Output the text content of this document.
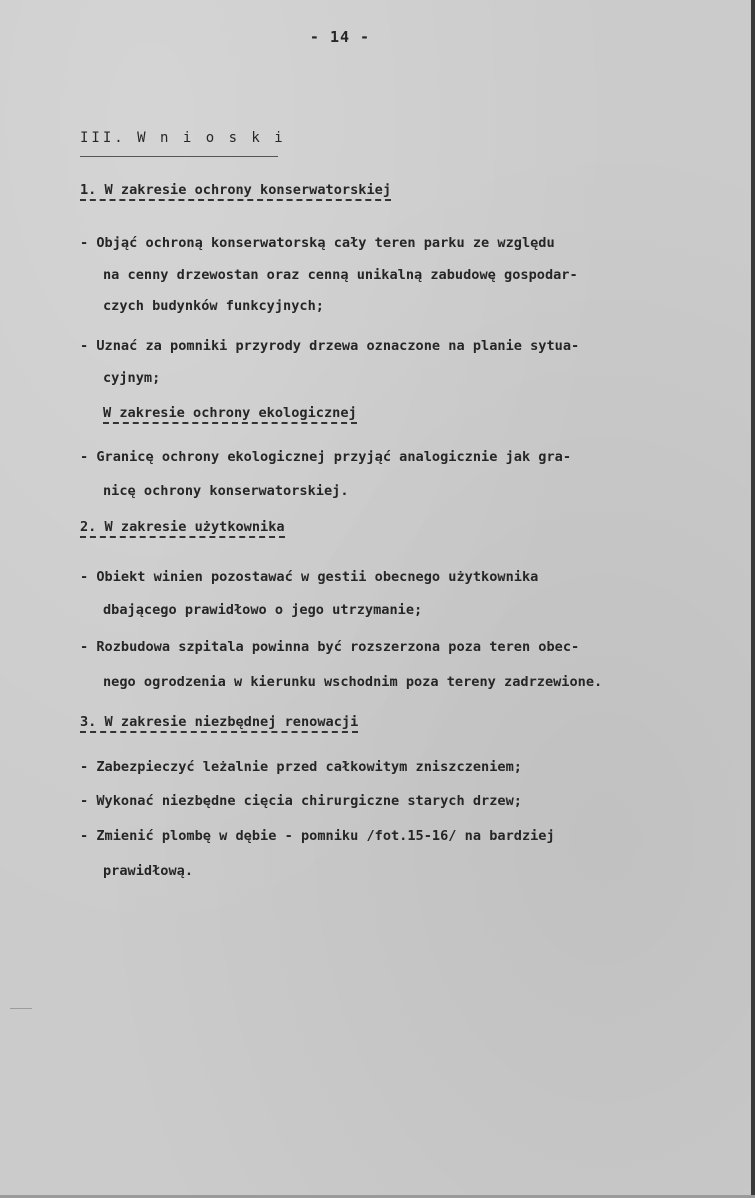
- 14 -
III. W n i o s k i
1. W zakresie ochrony konserwatorskiej
- Objąć ochroną konserwatorską cały teren parku ze względu
na cenny drzewostan oraz cenną unikalną zabudowę gospodar-
czych budynków funkcyjnych;
- Uznać za pomniki przyrody drzewa oznaczone na planie sytua-
cyjnym;
W zakresie ochrony ekologicznej
- Granicę ochrony ekologicznej przyjąć analogicznie jak gra-
nicę ochrony konserwatorskiej.
2. W zakresie użytkownika
- Obiekt winien pozostawać w gestii obecnego użytkownika
dbającego prawidłowo o jego utrzymanie;
- Rozbudowa szpitala powinna być rozszerzona poza teren obec-
nego ogrodzenia w kierunku wschodnim poza tereny zadrzewione.
3. W zakresie niezbędnej renowacji
- Zabezpieczyć leżalnie przed całkowitym zniszczeniem;
- Wykonać niezbędne cięcia chirurgiczne starych drzew;
- Zmienić plombę w dębie - pomniku /fot.15-16/ na bardziej
prawidłową.
